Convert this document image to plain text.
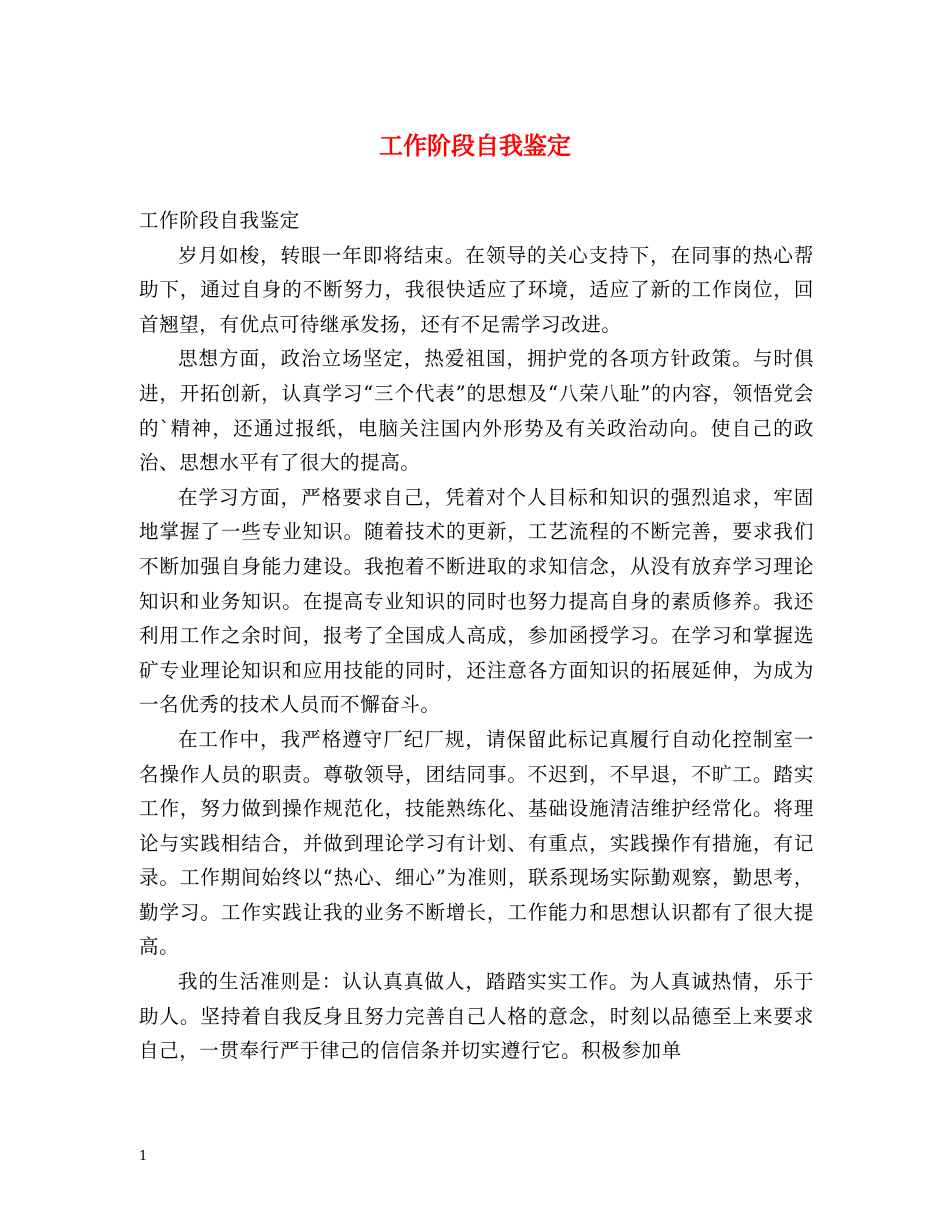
工作阶段自我鉴定

工作阶段自我鉴定

岁月如梭，转眼一年即将结束。在领导的关心支持下，在同事的热心帮助下，通过自身的不断努力，我很快适应了环境，适应了新的工作岗位，回首翘望，有优点可待继承发扬，还有不足需学习改进。

思想方面，政治立场坚定，热爱祖国，拥护党的各项方针政策。与时俱进，开拓创新，认真学习“三个代表”的思想及“八荣八耻”的内容，领悟党会的`精神，还通过报纸，电脑关注国内外形势及有关政治动向。使自己的政治、思想水平有了很大的提高。

在学习方面，严格要求自己，凭着对个人目标和知识的强烈追求，牢固地掌握了一些专业知识。随着技术的更新，工艺流程的不断完善，要求我们不断加强自身能力建设。我抱着不断进取的求知信念，从没有放弃学习理论知识和业务知识。在提高专业知识的同时也努力提高自身的素质修养。我还利用工作之余时间，报考了全国成人高成，参加函授学习。在学习和掌握选矿专业理论知识和应用技能的同时，还注意各方面知识的拓展延伸，为成为一名优秀的技术人员而不懈奋斗。

在工作中，我严格遵守厂纪厂规，请保留此标记真履行自动化控制室一名操作人员的职责。尊敬领导，团结同事。不迟到，不早退，不旷工。踏实工作，努力做到操作规范化，技能熟练化、基础设施清洁维护经常化。将理论与实践相结合，并做到理论学习有计划、有重点，实践操作有措施，有记录。工作期间始终以“热心、细心”为准则，联系现场实际勤观察，勤思考，勤学习。工作实践让我的业务不断增长，工作能力和思想认识都有了很大提高。

我的生活准则是：认认真真做人，踏踏实实工作。为人真诚热情，乐于助人。坚持着自我反身且努力完善自己人格的意念，时刻以品德至上来要求自己，一贯奉行严于律己的信信条并切实遵行它。积极参加单

1
